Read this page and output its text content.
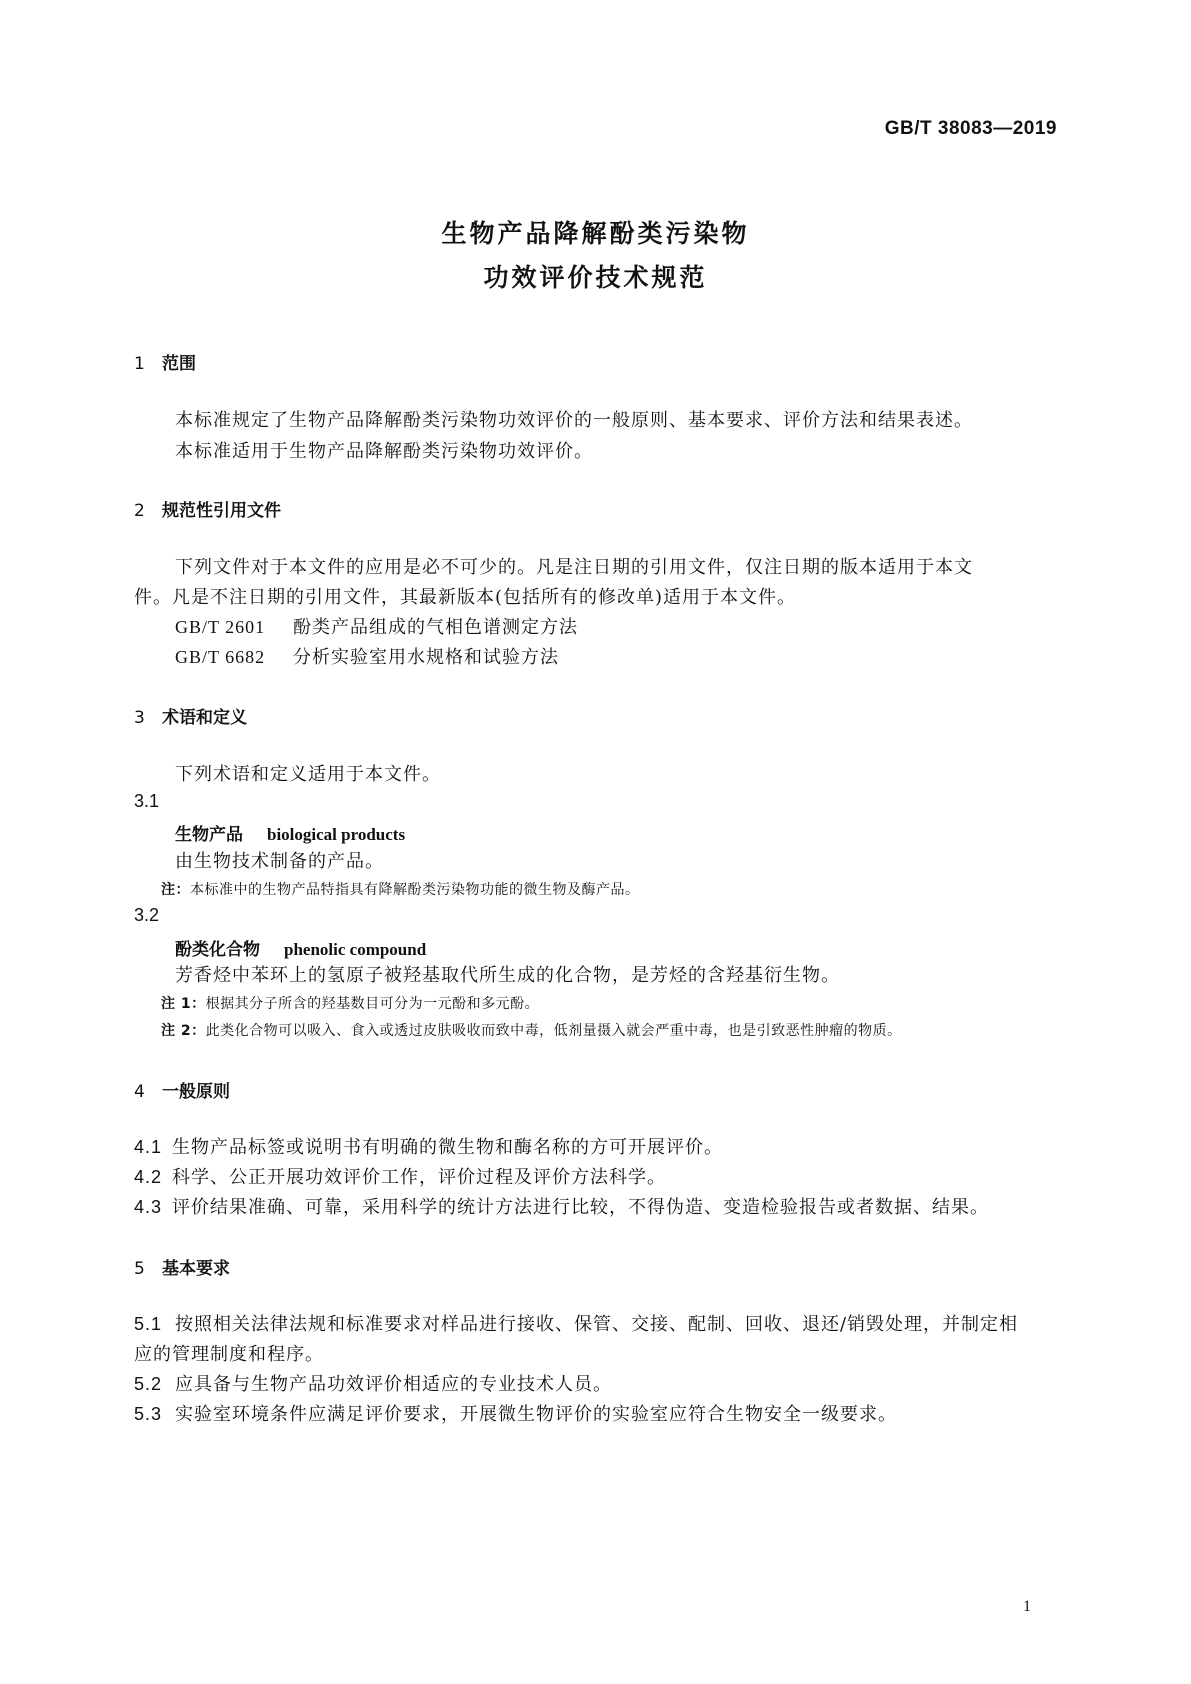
GB/T 38083—2019
生物产品降解酚类污染物
功效评价技术规范
1 范围
本标准规定了生物产品降解酚类污染物功效评价的一般原则、基本要求、评价方法和结果表述。
本标准适用于生物产品降解酚类污染物功效评价。
2 规范性引用文件
下列文件对于本文件的应用是必不可少的。凡是注日期的引用文件，仅注日期的版本适用于本文
件。凡是不注日期的引用文件，其最新版本(包括所有的修改单)适用于本文件。
GB/T 2601 酚类产品组成的气相色谱测定方法
GB/T 6682 分析实验室用水规格和试验方法
3 术语和定义
下列术语和定义适用于本文件。
3.1
生物产品 biological products
由生物技术制备的产品。
注：本标准中的生物产品特指具有降解酚类污染物功能的微生物及酶产品。
3.2
酚类化合物 phenolic compound
芳香烃中苯环上的氢原子被羟基取代所生成的化合物，是芳烃的含羟基衍生物。
注 1：根据其分子所含的羟基数目可分为一元酚和多元酚。
注 2：此类化合物可以吸入、食入或透过皮肤吸收而致中毒，低剂量摄入就会严重中毒，也是引致恶性肿瘤的物质。
4 一般原则
4.1 生物产品标签或说明书有明确的微生物和酶名称的方可开展评价。
4.2 科学、公正开展功效评价工作，评价过程及评价方法科学。
4.3 评价结果准确、可靠，采用科学的统计方法进行比较，不得伪造、变造检验报告或者数据、结果。
5 基本要求
5.1 按照相关法律法规和标准要求对样品进行接收、保管、交接、配制、回收、退还/销毁处理，并制定相
应的管理制度和程序。
5.2 应具备与生物产品功效评价相适应的专业技术人员。
5.3 实验室环境条件应满足评价要求，开展微生物评价的实验室应符合生物安全一级要求。
1
